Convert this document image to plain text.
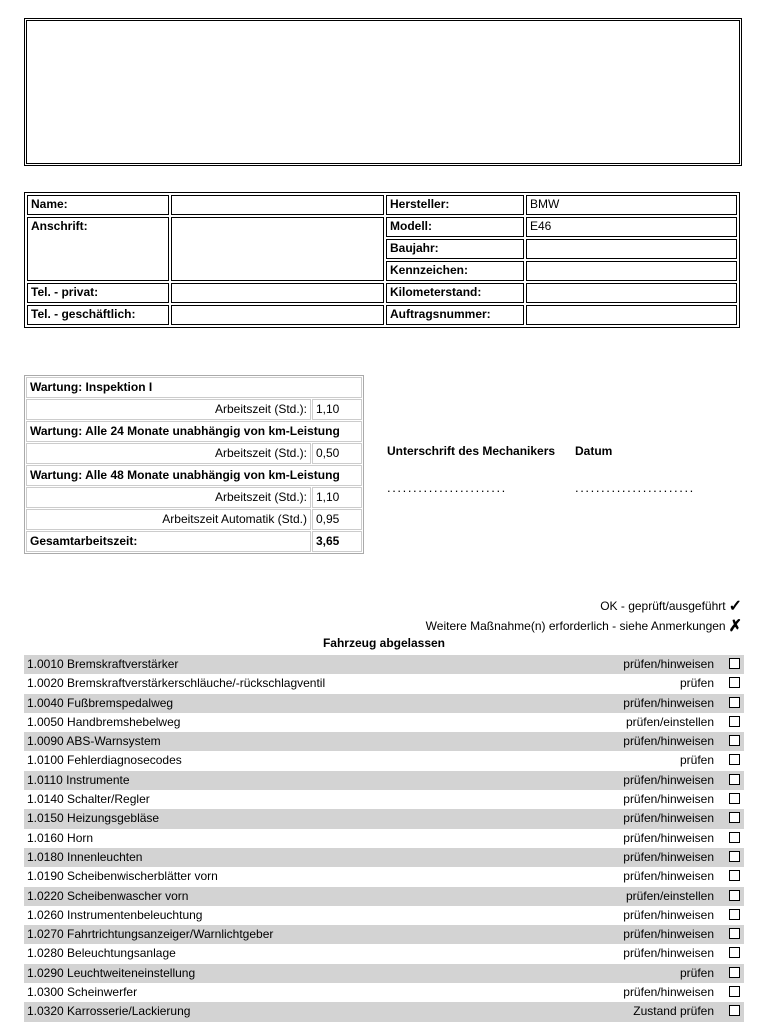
Name:		Hersteller:	BMW
Anschrift:		Modell:	E46
		Baujahr:	
		Kennzeichen:	
Tel. - privat:		Kilometerstand:	
Tel. - geschäftlich:		Auftragsnummer:	
Wartung: Inspektion I	
Arbeitszeit (Std.):	1,10
Wartung: Alle 24 Monate unabhängig von km-Leistung	
Arbeitszeit (Std.):	0,50
Wartung: Alle 48 Monate unabhängig von km-Leistung	
Arbeitszeit (Std.):	1,10
Arbeitszeit Automatik (Std.)	0,95
Gesamtarbeitszeit:	3,65
Unterschrift des Mechanikers Datum
.......................	.......................
OK - geprüft/ausgeführt ✓
Weitere Maßnahme(n) erforderlich - siehe Anmerkungen ✗
Fahrzeug abgelassen
1.0010 Bremskraftverstärker	prüfen/hinweisen
1.0020 Bremskraftverstärkerschläuche/-rückschlagventil	prüfen
1.0040 Fußbremspedalweg	prüfen/hinweisen
1.0050 Handbremshebelweg	prüfen/einstellen
1.0090 ABS-Warnsystem	prüfen/hinweisen
1.0100 Fehlerdiagnosecodes	prüfen
1.0110 Instrumente	prüfen/hinweisen
1.0140 Schalter/Regler	prüfen/hinweisen
1.0150 Heizungsgebläse	prüfen/hinweisen
1.0160 Horn	prüfen/hinweisen
1.0180 Innenleuchten	prüfen/hinweisen
1.0190 Scheibenwischerblätter vorn	prüfen/hinweisen
1.0220 Scheibenwascher vorn	prüfen/einstellen
1.0260 Instrumentenbeleuchtung	prüfen/hinweisen
1.0270 Fahrtrichtungsanzeiger/Warnlichtgeber	prüfen/hinweisen
1.0280 Beleuchtungsanlage	prüfen/hinweisen
1.0290 Leuchtweiteneinstellung	prüfen
1.0300 Scheinwerfer	prüfen/hinweisen
1.0320 Karrosserie/Lackierung	Zustand prüfen
